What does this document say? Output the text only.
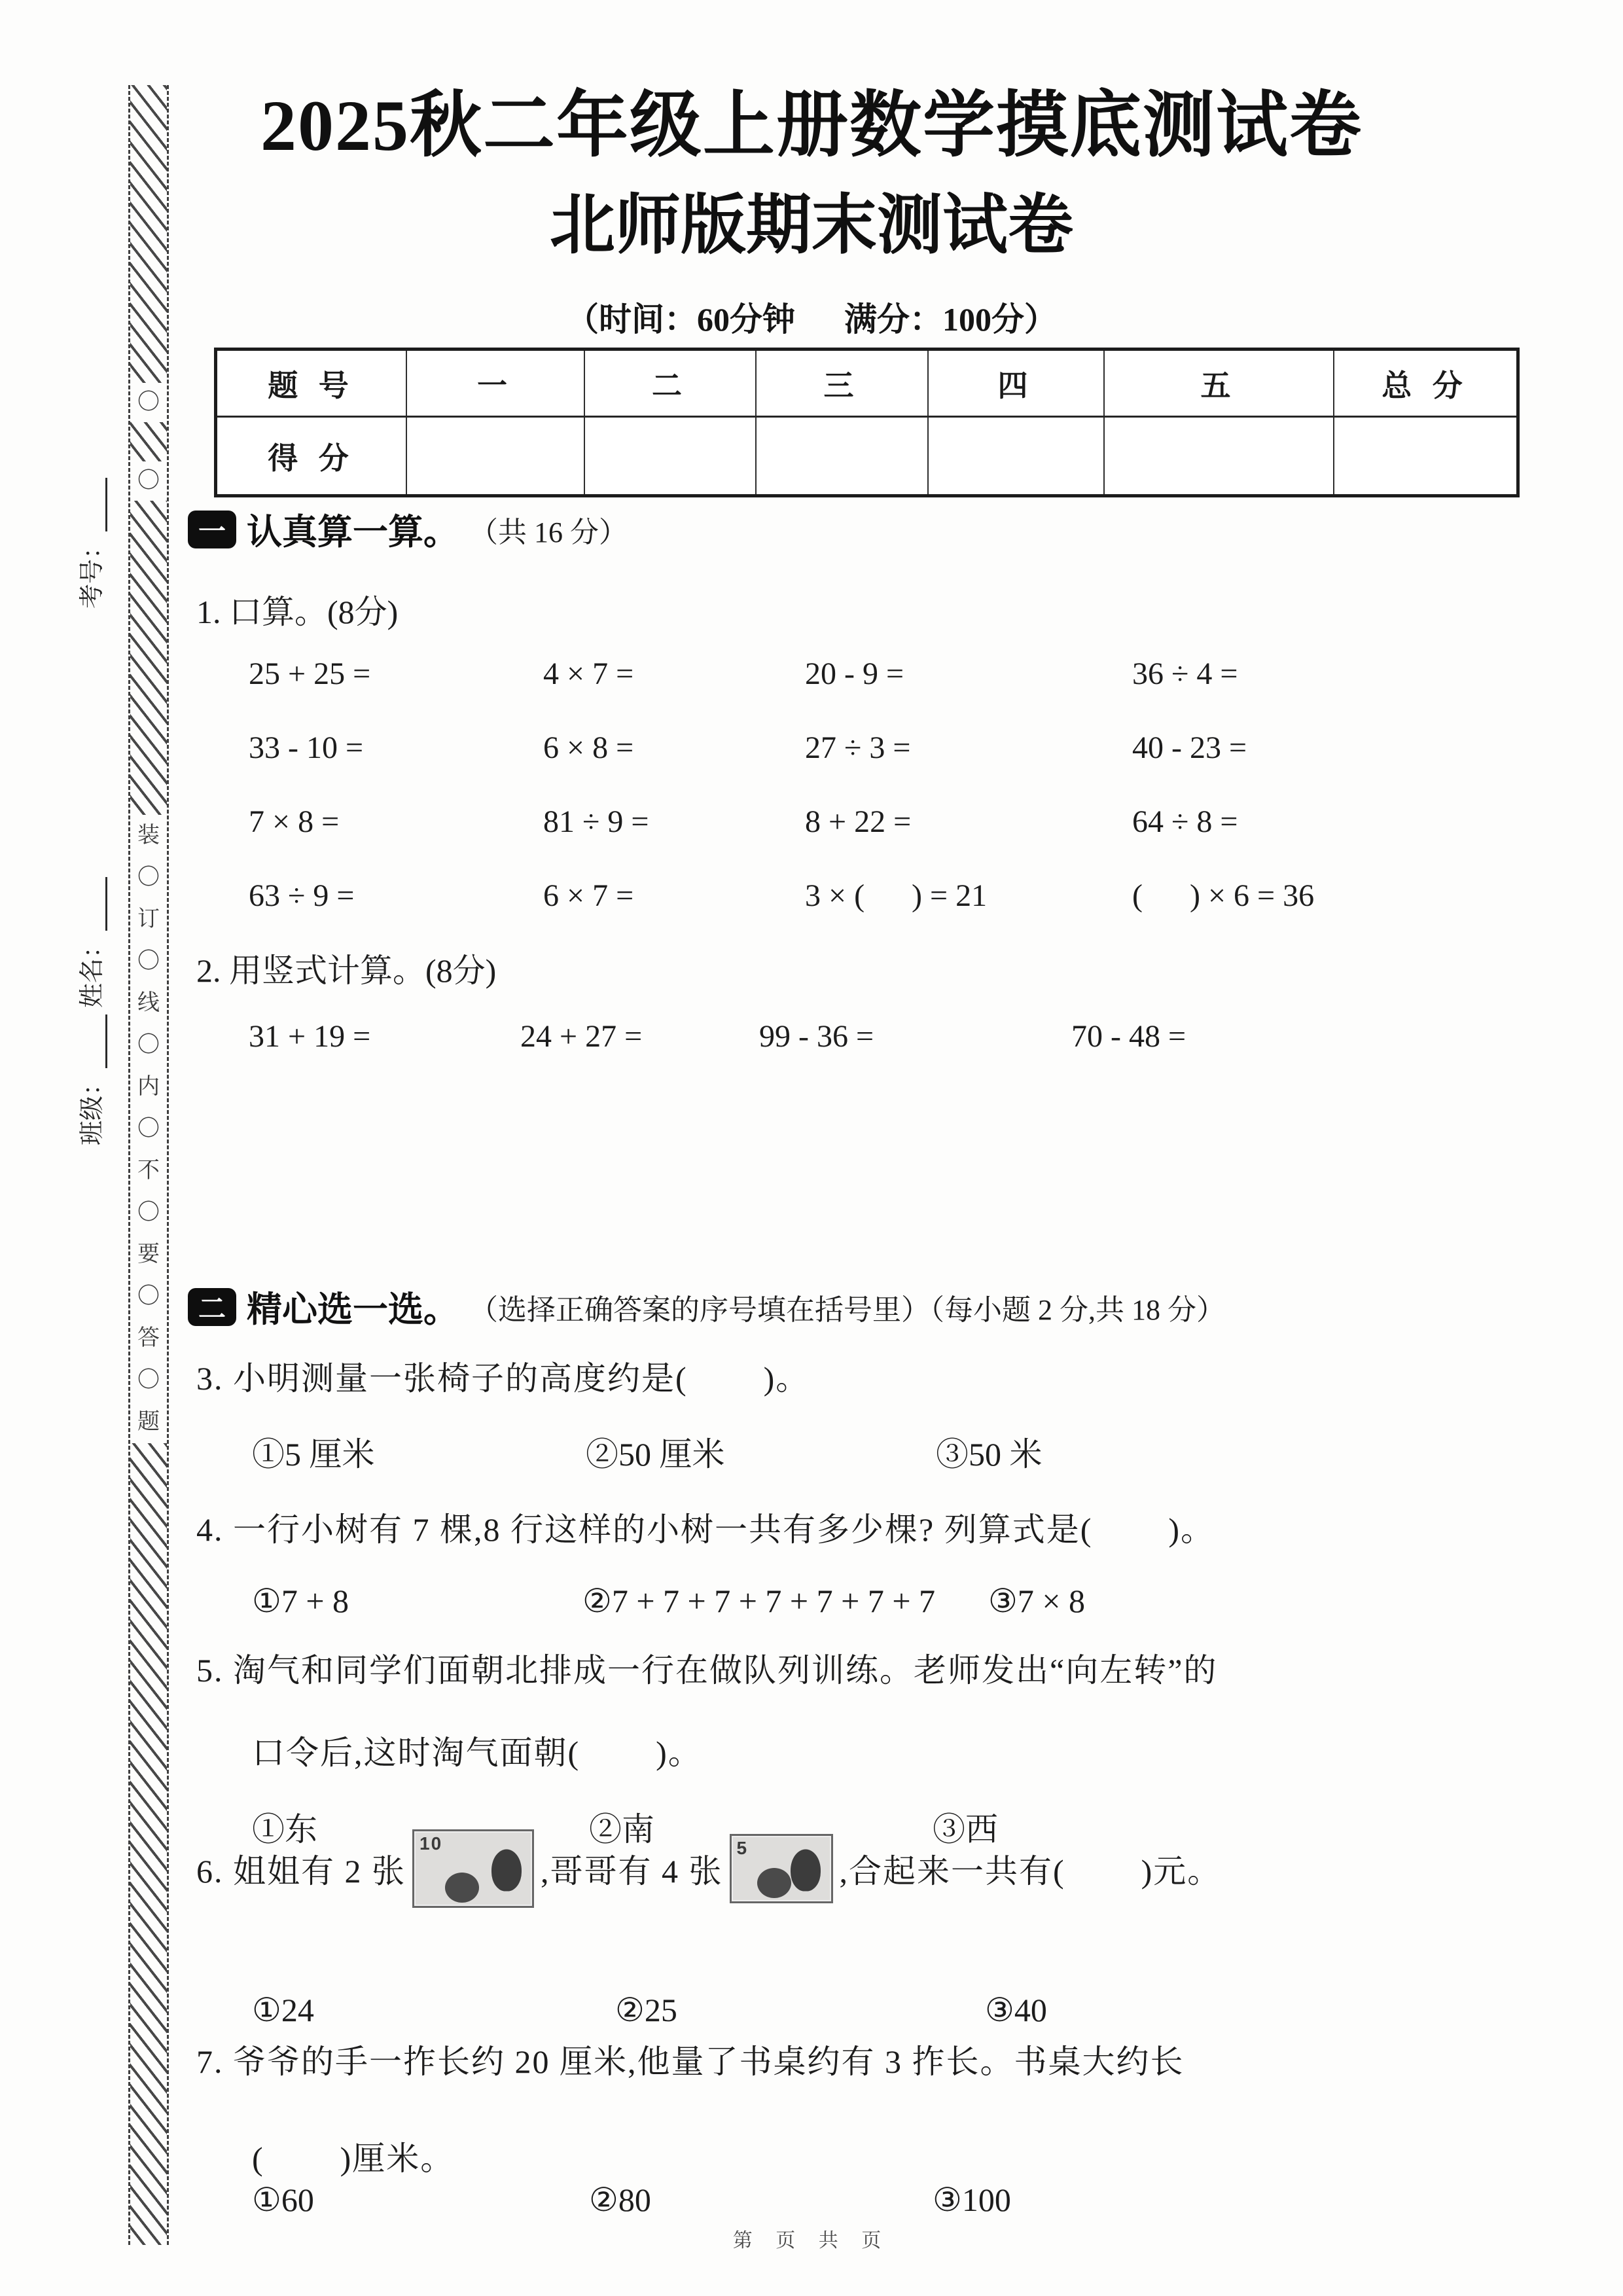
〇
〇
装
〇
订
〇
线
〇
内
〇
不
〇
要
〇
答
〇
题
考号：
姓名：
班级：
2025秋二年级上册数学摸底测试卷
北师版期末测试卷
（时间：60分钟      满分：100分）
题 号	一	二	三	四	五	总 分
得 分
一 认真算一算。 （共 16 分）
1. 口算。(8分)
25 + 25 =	4 × 7 =	20 - 9 =	36 ÷ 4 =
33 - 10 =	6 × 8 =	27 ÷ 3 =	40 - 23 =
7 × 8 =	81 ÷ 9 =	8 + 22 =	64 ÷ 8 =
63 ÷ 9 =	6 × 7 =	3 × (      ) = 21	(      ) × 6 = 36
2. 用竖式计算。(8分)
31 + 19 =	24 + 27 =	99 - 36 =	70 - 48 =
二 精心选一选。 （选择正确答案的序号填在括号里）（每小题 2 分,共 18 分）
3. 小明测量一张椅子的高度约是(        )。
①5 厘米	②50 厘米	③50 米
4. 一行小树有 7 棵,8 行这样的小树一共有多少棵? 列算式是(        )。
①7 + 8	②7 + 7 + 7 + 7 + 7 + 7 + 7	③7 × 8
5. 淘气和同学们面朝北排成一行在做队列训练。老师发出“向左转”的
口令后,这时淘气面朝(        )。
①东	②南	③西
6. 姐姐有 2 张
10
,哥哥有 4 张
5
,合起来一共有(        )元。
①24	②25	③40
7. 爷爷的手一拃长约 20 厘米,他量了书桌约有 3 拃长。书桌大约长
(        )厘米。
①60	②80	③100
第 页 共 页
